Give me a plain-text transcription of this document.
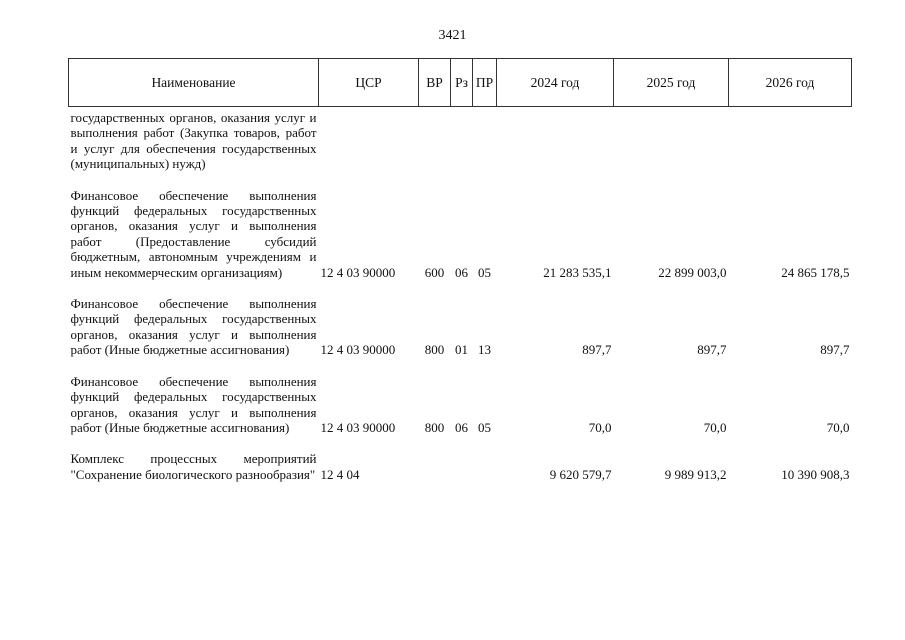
3421
Наименование	ЦСР	ВР	Рз	ПР	2024 год	2025 год	2026 год
государственных органов, оказания услуг и выполнения работ (Закупка товаров, работ и услуг для обеспечения государственных (муниципальных) нужд)							
Финансовое обеспечение выполнения функций федеральных государственных органов, оказания услуг и выполнения работ (Предоставление субсидий бюджетным, автономным учреждениям и иным некоммерческим организациям)	12 4 03 90000	600	06	05	21 283 535,1	22 899 003,0	24 865 178,5
Финансовое обеспечение выполнения функций федеральных государственных органов, оказания услуг и выполнения работ (Иные бюджетные ассигнования)	12 4 03 90000	800	01	13	897,7	897,7	897,7
Финансовое обеспечение выполнения функций федеральных государственных органов, оказания услуг и выполнения работ (Иные бюджетные ассигнования)	12 4 03 90000	800	06	05	70,0	70,0	70,0
Комплекс процессных мероприятий "Сохранение биологического разнообразия"	12 4 04				9 620 579,7	9 989 913,2	10 390 908,3
